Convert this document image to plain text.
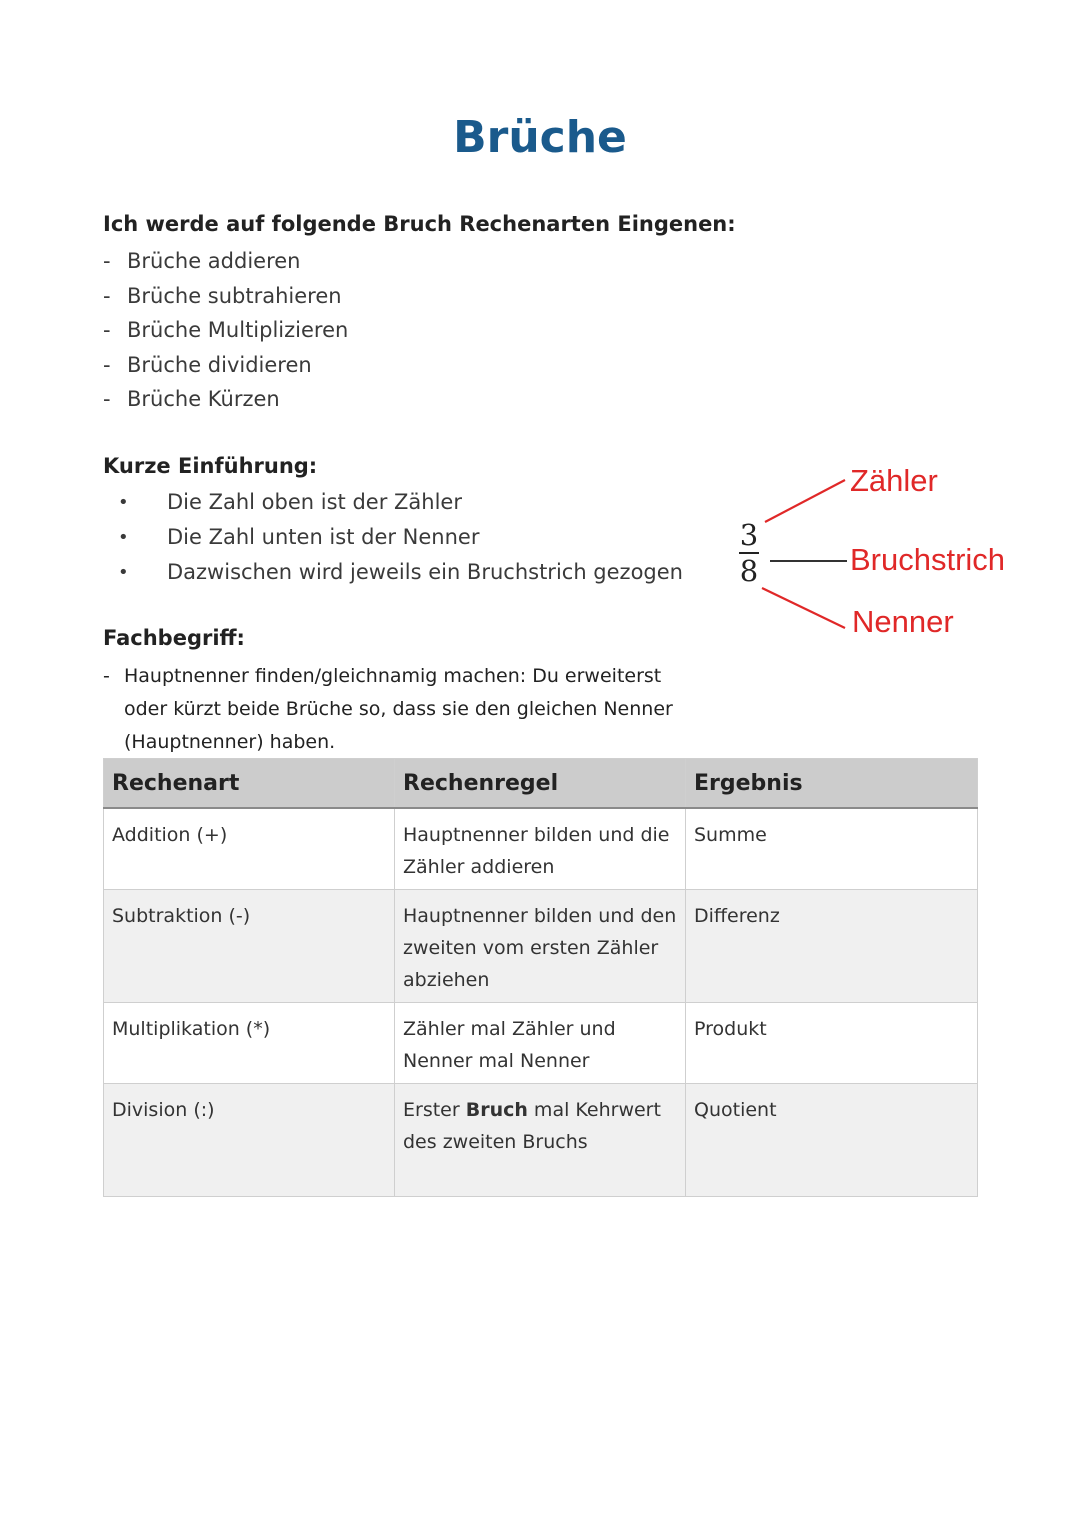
Brüche
Ich werde auf folgende Bruch Rechenarten Eingenen:
- Brüche addieren
- Brüche subtrahieren
- Brüche Multiplizieren
- Brüche dividieren
- Brüche Kürzen
Kurze Einführung:
• Die Zahl oben ist der Zähler
• Die Zahl unten ist der Nenner
• Dazwischen wird jeweils ein Bruchstrich gezogen
3
8
Zähler
Bruchstrich
Nenner
Fachbegriff:
- Hauptnenner finden/gleichnamig machen: Du erweiterst oder kürzt beide Brüche so, dass sie den gleichen Nenner (Hauptnenner) haben.
Rechenart	Rechenregel	Ergebnis
Addition (+)	Hauptnenner bilden und die Zähler addieren	Summe
Subtraktion (-)	Hauptnenner bilden und den zweiten vom ersten Zähler abziehen	Differenz
Multiplikation (*)	Zähler mal Zähler und Nenner mal Nenner	Produkt
Division (:)	Erster Bruch mal Kehrwert des zweiten Bruchs	Quotient
